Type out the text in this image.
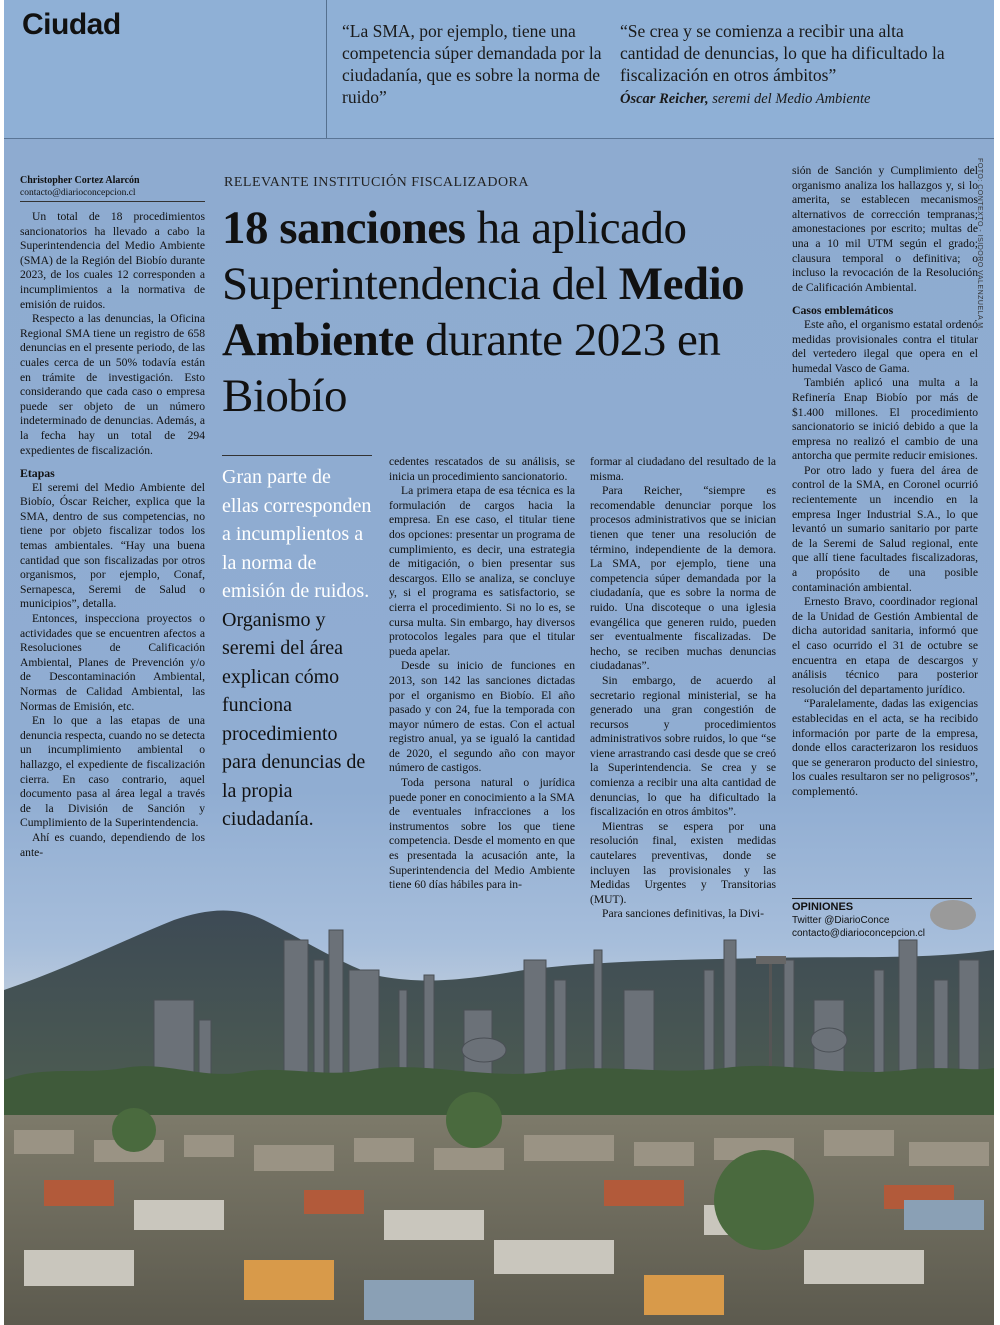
Ciudad	“La SMA, por ejemplo, tiene una competencia súper demandada por la ciudadanía, que es sobre la norma de ruido”
“Se crea y se comienza a recibir una alta cantidad de denuncias, lo que ha dificultado la fiscalización en otros ámbitos”
Óscar Reicher, seremi del Medio Ambiente
FOTO: CONTEXTO - ISIDORO VALENZUELA M.
Christopher Cortez Alarcón
contacto@diarioconcepcion.cl

Un total de 18 procedimientos sancionatorios ha llevado a cabo la Superintendencia del Medio Ambiente (SMA) de la Región del Biobío durante 2023, de los cuales 12 corresponden a incumplimientos a la normativa de emisión de ruidos.

Respecto a las denuncias, la Oficina Regional SMA tiene un registro de 658 denuncias en el presente periodo, de las cuales cerca de un 50% todavía están en trámite de investigación. Esto considerando que cada caso o empresa puede ser objeto de un número indeterminado de denuncias. Además, a la fecha hay un total de 294 expedientes de fiscalización.

Etapas

El seremi del Medio Ambiente del Biobío, Óscar Reicher, explica que la SMA, dentro de sus competencias, no tiene por objeto fiscalizar todos los temas ambientales. “Hay una buena cantidad que son fiscalizadas por otros organismos, por ejemplo, Conaf, Sernapesca, Seremi de Salud o municipios”, detalla.

Entonces, inspecciona proyectos o actividades que se encuentren afectos a Resoluciones de Calificación Ambiental, Planes de Prevención y/o de Descontaminación Ambiental, Normas de Calidad Ambiental, las Normas de Emisión, etc.

En lo que a las etapas de una denuncia respecta, cuando no se detecta un incumplimiento ambiental o hallazgo, el expediente de fiscalización cierra. En caso contrario, aquel documento pasa al área legal a través de la División de Sanción y Cumplimiento de la Superintendencia.

Ahí es cuando, dependiendo de los ante-

RELEVANTE INSTITUCIÓN FISCALIZADORA
18 sanciones ha aplicado Superintendencia del Medio Ambiente durante 2023 en Biobío
Gran parte de ellas corresponden a incumplientos a la norma de emisión de ruidos.
Organismo y seremi del área explican cómo funciona procedimiento para denuncias de la propia ciudadanía.

cedentes rescatados de su análisis, se inicia un procedimiento sancionatorio.

La primera etapa de esa técnica es la formulación de cargos hacia la empresa. En ese caso, el titular tiene dos opciones: presentar un programa de cumplimiento, es decir, una estrategia de mitigación, o bien presentar sus descargos. Ello se analiza, se concluye y, si el programa es satisfactorio, se cierra el procedimiento. Si no lo es, se cursa multa. Sin embargo, hay diversos protocolos legales para que el titular pueda apelar.

Desde su inicio de funciones en 2013, son 142 las sanciones dictadas por el organismo en Biobío. El año pasado y con 24, fue la temporada con mayor número de estas. Con el actual registro anual, ya se igualó la cantidad de 2020, el segundo año con mayor número de castigos.

Toda persona natural o jurídica puede poner en conocimiento a la SMA de eventuales infracciones a los instrumentos sobre los que tiene competencia. Desde el momento en que es presentada la acusación ante, la Superintendencia del Medio Ambiente tiene 60 días hábiles para in-

formar al ciudadano del resultado de la misma.

Para Reicher, “siempre es recomendable denunciar porque los procesos administrativos que se inician tienen que tener una resolución de término, independiente de la demora. La SMA, por ejemplo, tiene una competencia súper demandada por la ciudadanía, que es sobre la norma de ruido. Una discoteque o una iglesia evangélica que generen ruido, pueden ser eventualmente fiscalizadas. De hecho, se reciben muchas denuncias ciudadanas”.

Sin embargo, de acuerdo al secretario regional ministerial, se ha generado una gran congestión de recursos y procedimientos administrativos sobre ruidos, lo que “se viene arrastrando casi desde que se creó la Superintendencia. Se crea y se comienza a recibir una alta cantidad de denuncias, lo que ha dificultado la fiscalización en otros ámbitos”.

Mientras se espera por una resolución final, existen medidas cautelares preventivas, donde se incluyen las provisionales y las Medidas Urgentes y Transitorias (MUT).

Para sanciones definitivas, la Divi-

sión de Sanción y Cumplimiento del organismo analiza los hallazgos y, si lo amerita, se establecen mecanismos alternativos de corrección tempranas; amonestaciones por escrito; multas de una a 10 mil UTM según el grado; clausura temporal o definitiva; o incluso la revocación de la Resolución de Calificación Ambiental.

Casos emblemáticos

Este año, el organismo estatal ordenó medidas provisionales contra el titular del vertedero ilegal que opera en el humedal Vasco de Gama.

También aplicó una multa a la Refinería Enap Biobío por más de $1.400 millones. El procedimiento sancionatorio se inició debido a que la empresa no realizó el cambio de una antorcha que permite reducir emisiones.

Por otro lado y fuera del área de control de la SMA, en Coronel ocurrió recientemente un incendio en la empresa Inger Industrial S.A., lo que levantó un sumario sanitario por parte de la Seremi de Salud regional, ente que allí tiene facultades fiscalizadoras, a propósito de una posible contaminación ambiental.

Ernesto Bravo, coordinador regional de la Unidad de Gestión Ambiental de dicha autoridad sanitaria, informó que el caso ocurrido el 31 de octubre se encuentra en etapa de descargos y análisis técnico para posterior resolución del departamento jurídico.

“Paralelamente, dadas las exigencias establecidas en el acta, se ha recibido información por parte de la empresa, donde ellos caracterizaron los residuos que se generaron producto del siniestro, los cuales resultaron ser no peligrosos”, complementó.

OPINIONES
Twitter @DiarioConce
contacto@diarioconcepcion.cl
